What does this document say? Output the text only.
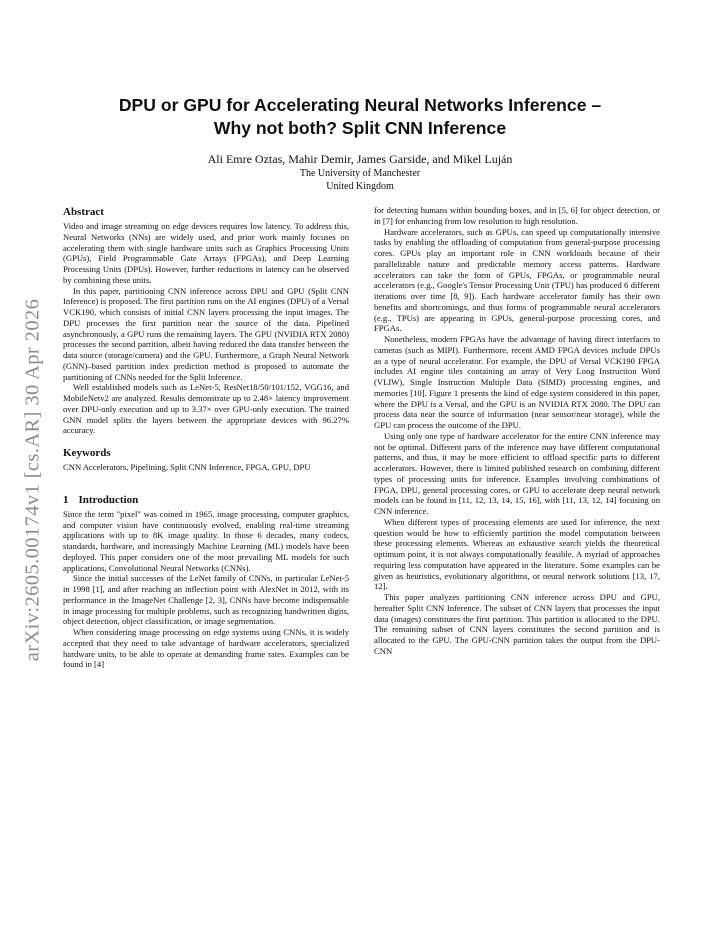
arXiv:2605.00174v1 [cs.AR] 30 Apr 2026
DPU or GPU for Accelerating Neural Networks Inference –
Why not both? Split CNN Inference
Ali Emre Oztas, Mahir Demir, James Garside, and Mikel Luján
The University of Manchester
United Kingdom
Abstract

Video and image streaming on edge devices requires low latency. To address this, Neural Networks (NNs) are widely used, and prior work mainly focuses on accelerating them with single hardware units such as Graphics Processing Units (GPUs), Field Programmable Gate Arrays (FPGAs), and Deep Learning Processing Units (DPUs). However, further reductions in latency can be observed by combining these units.

In this paper, partitioning CNN inference across DPU and GPU (Split CNN Inference) is proposed. The first partition runs on the AI engines (DPU) of a Versal VCK190, which consists of initial CNN layers processing the input images. The DPU processes the first partition near the source of the data. Pipelined asynchronously, a GPU runs the remaining layers. The GPU (NVIDIA RTX 2080) processes the second partition, albeit having reduced the data transfer between the data source (storage/camera) and the GPU. Furthermore, a Graph Neural Network (GNN)–based partition index prediction method is proposed to automate the partitioning of CNNs needed for the Split Inference.

Well established models such as LeNet-5, ResNet18/50/101/152, VGG16, and MobileNetv2 are analyzed. Results demonstrate up to 2.48× latency improvement over DPU-only execution and up to 3.37× over GPU-only execution. The trained GNN model splits the layers between the appropriate devices with 96.27% accuracy.

Keywords

CNN Accelerators, Pipelining, Split CNN Inference, FPGA, GPU, DPU

1 Introduction

Since the term "pixel" was coined in 1965, image processing, computer graphics, and computer vision have continuously evolved, enabling real-time streaming applications with up to 8K image quality. In those 6 decades, many codecs, standards, hardware, and increasingly Machine Learning (ML) models have been deployed. This paper considers one of the most prevailing ML models for such applications, Convolutional Neural Networks (CNNs).

Since the initial successes of the LeNet family of CNNs, in particular LeNet-5 in 1998 [1], and after reaching an inflection point with AlexNet in 2012, with its performance in the ImageNet Challenge [2, 3], CNNs have become indispensable in image processing for multiple problems, such as recognizing handwritten digits, object detection, object classification, or image segmentation.

When considering image processing on edge systems using CNNs, it is widely accepted that they need to take advantage of hardware accelerators, specialized hardware units, to be able to operate at demanding frame rates. Examples can be found in [4]

for detecting humans within bounding boxes, and in [5, 6] for object detection, or in [7] for enhancing from low resolution to high resolution.

Hardware accelerators, such as GPUs, can speed up computationally intensive tasks by enabling the offloading of computation from general-purpose processing cores. GPUs play an important role in CNN workloads because of their parallelizable nature and predictable memory access patterns. Hardware accelerators can take the form of GPUs, FPGAs, or programmable neural accelerators (e.g., Google's Tensor Processing Unit (TPU) has produced 6 different iterations over time [8, 9]). Each hardware accelerator family has their own benefits and shortcomings, and thus forms of programmable neural accelerators (e.g., TPUs) are appearing in GPUs, general-purpose processing cores, and FPGAs.

Nonetheless, modern FPGAs have the advantage of having direct interfaces to cameras (such as MIPI). Furthermore, recent AMD FPGA devices include DPUs as a type of neural accelerator. For example, the DPU of Versal VCK190 FPGA includes AI engine tiles containing an array of Very Long Instruction Word (VLIW), Single Instruction Multiple Data (SIMD) processing engines, and memories [10]. Figure 1 presents the kind of edge system considered in this paper, where the DPU is a Versal, and the GPU is an NVIDIA RTX 2080. The DPU can process data near the source of information (near sensor/near storage), while the GPU can process the outcome of the DPU.

Using only one type of hardware accelerator for the entire CNN inference may not be optimal. Different parts of the inference may have different computational patterns, and thus, it may be more efficient to offload specific parts to different accelerators. However, there is limited published research on combining different types of processing units for inference. Examples involving combinations of FPGA, DPU, general processing cores, or GPU to accelerate deep neural network models can be found in [11, 12, 13, 14, 15, 16], with [11, 13, 12, 14] focusing on CNN inference.

When different types of processing elements are used for inference, the next question would be how to efficiently partition the model computation between these processing elements. Whereas an exhaustive search yields the theoretical optimum point, it is not always computationally feasible. A myriad of approaches requiring less computation have appeared in the literature. Some examples can be given as heuristics, evolutionary algorithms, or neural network solutions [13, 17, 12].

This paper analyzes partitioning CNN inference across DPU and GPU, hereafter Split CNN Inference. The subset of CNN layers that processes the input data (images) constitutes the first partition. This partition is allocated to the DPU. The remaining subset of CNN layers constitutes the second partition and is allocated to the GPU. The GPU-CNN partition takes the output from the DPU-CNN
